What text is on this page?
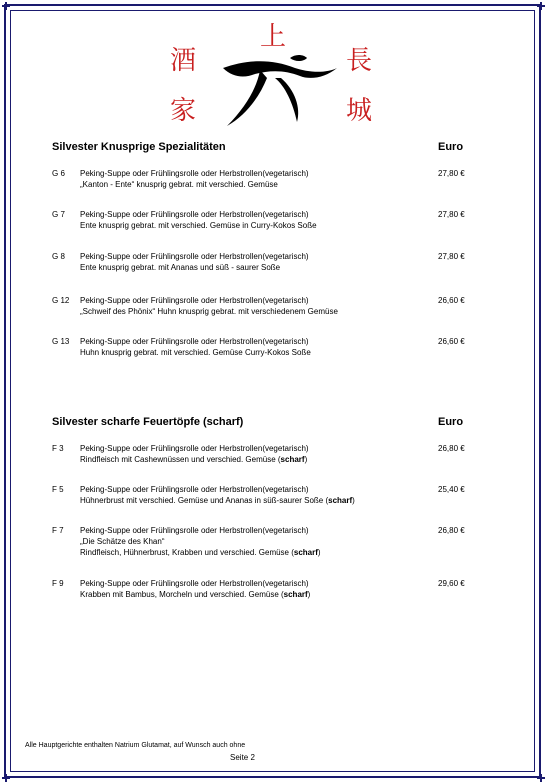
上
酒	長
家	城
Silvester Knusprige Spezialitäten	Euro
G 6 Peking-Suppe oder Frühlingsrolle oder Herbstrollen(vegetarisch)
„Kanton - Ente“ knusprig gebrat. mit verschied. Gemüse
27,80 €
G 7 Peking-Suppe oder Frühlingsrolle oder Herbstrollen(vegetarisch)
Ente knusprig gebrat. mit verschied. Gemüse in Curry-Kokos Soße
27,80 €
G 8 Peking-Suppe oder Frühlingsrolle oder Herbstrollen(vegetarisch)
Ente knusprig gebrat. mit Ananas und süß - saurer Soße
27,80 €
G 12 Peking-Suppe oder Frühlingsrolle oder Herbstrollen(vegetarisch)
„Schweif des Phönix“ Huhn knusprig gebrat. mit verschiedenem Gemüse
26,60 €
G 13 Peking-Suppe oder Frühlingsrolle oder Herbstrollen(vegetarisch)
Huhn knusprig gebrat. mit verschied. Gemüse Curry-Kokos Soße
26,60 €
Silvester scharfe Feuertöpfe (scharf)	Euro
F 3 Peking-Suppe oder Frühlingsrolle oder Herbstrollen(vegetarisch)
Rindfleisch mit Cashewnüssen und verschied. Gemüse (scharf)
26,80 €
F 5 Peking-Suppe oder Frühlingsrolle oder Herbstrollen(vegetarisch)
Hühnerbrust mit verschied. Gemüse und Ananas in süß-saurer Soße (scharf)
25,40 €
F 7 Peking-Suppe oder Frühlingsrolle oder Herbstrollen(vegetarisch)
„Die Schätze des Khan“
Rindfleisch, Hühnerbrust, Krabben und verschied. Gemüse (scharf)
26,80 €
F 9 Peking-Suppe oder Frühlingsrolle oder Herbstrollen(vegetarisch)
Krabben mit Bambus, Morcheln und verschied. Gemüse (scharf)
29,60 €
Alle Hauptgerichte enthalten Natrium Glutamat, auf Wunsch auch ohne
Seite 2
